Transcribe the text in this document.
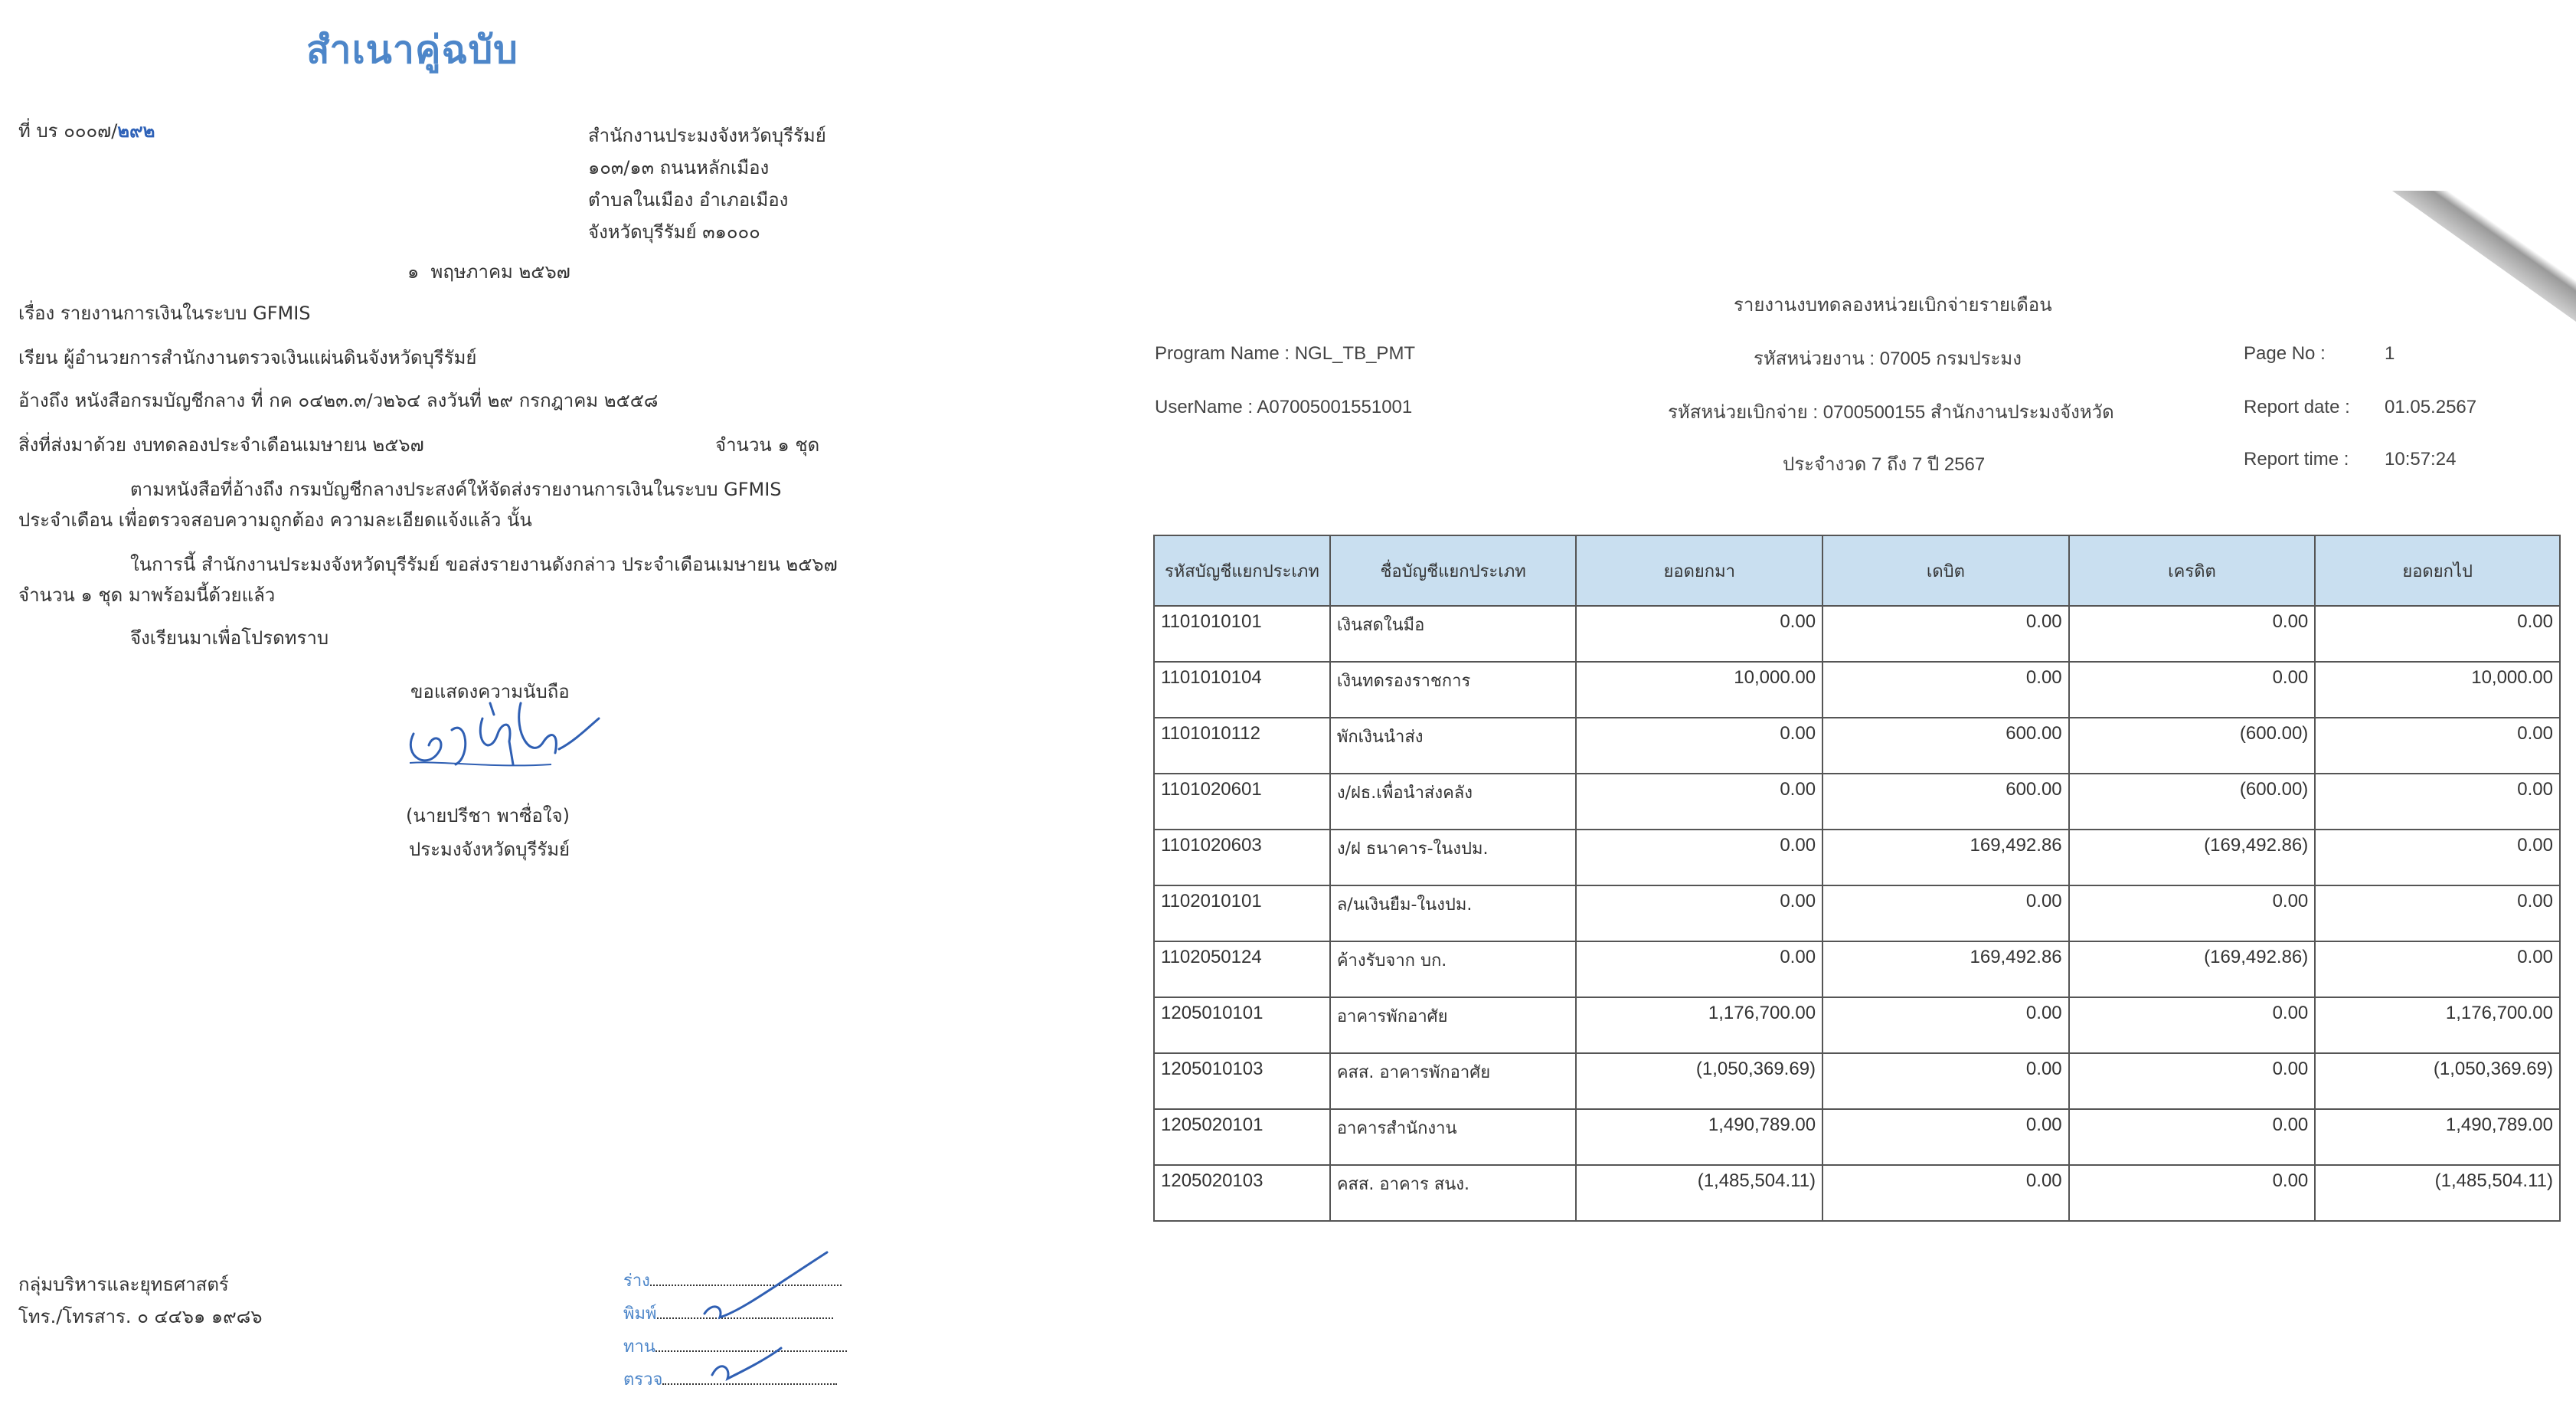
สำเนาคู่ฉบับ
ที่ บร ๐๐๐๗/๒๙๒	สำนักงานประมงจังหวัดบุรีรัมย์
๑๐๓/๑๓ ถนนหลักเมือง
ตำบลในเมือง อำเภอเมือง
จังหวัดบุรีรัมย์ ๓๑๐๐๐
๑ พฤษภาคม ๒๕๖๗
เรื่อง รายงานการเงินในระบบ GFMIS
เรียน ผู้อำนวยการสำนักงานตรวจเงินแผ่นดินจังหวัดบุรีรัมย์
อ้างถึง หนังสือกรมบัญชีกลาง ที่ กค ๐๔๒๓.๓/ว๒๖๔ ลงวันที่ ๒๙ กรกฎาคม ๒๕๕๘
สิ่งที่ส่งมาด้วย งบทดลองประจำเดือนเมษายน ๒๕๖๗	จำนวน ๑ ชุด
ตามหนังสือที่อ้างถึง กรมบัญชีกลางประสงค์ให้จัดส่งรายงานการเงินในระบบ GFMIS
ประจำเดือน เพื่อตรวจสอบความถูกต้อง ความละเอียดแจ้งแล้ว นั้น
ในการนี้ สำนักงานประมงจังหวัดบุรีรัมย์ ขอส่งรายงานดังกล่าว ประจำเดือนเมษายน ๒๕๖๗
จำนวน ๑ ชุด มาพร้อมนี้ด้วยแล้ว
จึงเรียนมาเพื่อโปรดทราบ
ขอแสดงความนับถือ
(นายปรีชา พาซื่อใจ)
ประมงจังหวัดบุรีรัมย์
กลุ่มบริหารและยุทธศาสตร์
โทร./โทรสาร. ๐ ๔๔๖๑ ๑๙๘๖
ร่าง
พิมพ์
ทาน
ตรวจ
รายงานงบทดลองหน่วยเบิกจ่ายรายเดือน
Program Name : NGL_TB_PMT	รหัสหน่วยงาน : 07005 กรมประมง	Page No :	1
UserName : A07005001551001	รหัสหน่วยเบิกจ่าย : 0700500155 สำนักงานประมงจังหวัด	Report date : 01.05.2567
ประจำงวด 7 ถึง 7 ปี 2567	Report time : 10:57:24
รหัสบัญชีแยกประเภท	ชื่อบัญชีแยกประเภท	ยอดยกมา	เดบิต	เครดิต	ยอดยกไป
1101010101	เงินสดในมือ	0.00	0.00	0.00	0.00
1101010104	เงินทดรองราชการ	10,000.00	0.00	0.00	10,000.00
1101010112	พักเงินนำส่ง	0.00	600.00	(600.00)	0.00
1101020601	ง/ฝธ.เพื่อนำส่งคลัง	0.00	600.00	(600.00)	0.00
1101020603	ง/ฝ ธนาคาร-ในงปม.	0.00	169,492.86	(169,492.86)	0.00
1102010101	ล/นเงินยืม-ในงปม.	0.00	0.00	0.00	0.00
1102050124	ค้างรับจาก บก.	0.00	169,492.86	(169,492.86)	0.00
1205010101	อาคารพักอาศัย	1,176,700.00	0.00	0.00	1,176,700.00
1205010103	คสส. อาคารพักอาศัย	(1,050,369.69)	0.00	0.00	(1,050,369.69)
1205020101	อาคารสำนักงาน	1,490,789.00	0.00	0.00	1,490,789.00
1205020103	คสส. อาคาร สนง.	(1,485,504.11)	0.00	0.00	(1,485,504.11)
